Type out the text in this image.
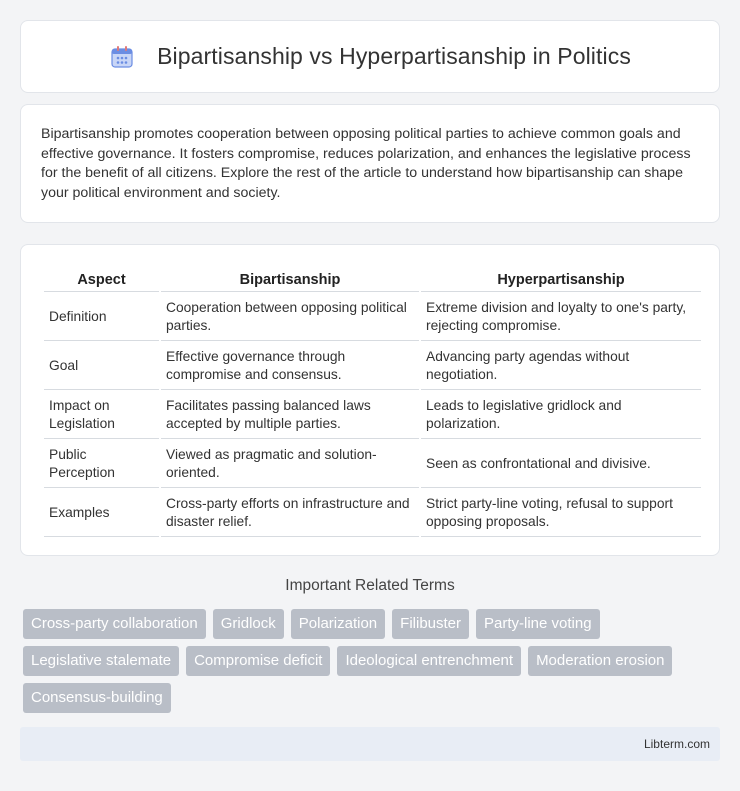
Bipartisanship vs Hyperpartisanship in Politics

Bipartisanship promotes cooperation between opposing political parties to achieve common goals and effective governance. It fosters compromise, reduces polarization, and enhances the legislative process for the benefit of all citizens. Explore the rest of the article to understand how bipartisanship can shape your political environment and society.

Aspect	Bipartisanship	Hyperpartisanship
Definition	Cooperation between opposing political parties.	Extreme division and loyalty to one's party, rejecting compromise.
Goal	Effective governance through compromise and consensus.	Advancing party agendas without negotiation.
Impact on Legislation	Facilitates passing balanced laws accepted by multiple parties.	Leads to legislative gridlock and polarization.
Public Perception	Viewed as pragmatic and solution-oriented.	Seen as confrontational and divisive.
Examples	Cross-party efforts on infrastructure and disaster relief.	Strict party-line voting, refusal to support opposing proposals.
Important Related Terms
Cross-party collaboration	Gridlock	Polarization	Filibuster	Party-line voting
Legislative stalemate	Compromise deficit	Ideological entrenchment	Moderation erosion
Consensus-building
Libterm.com
